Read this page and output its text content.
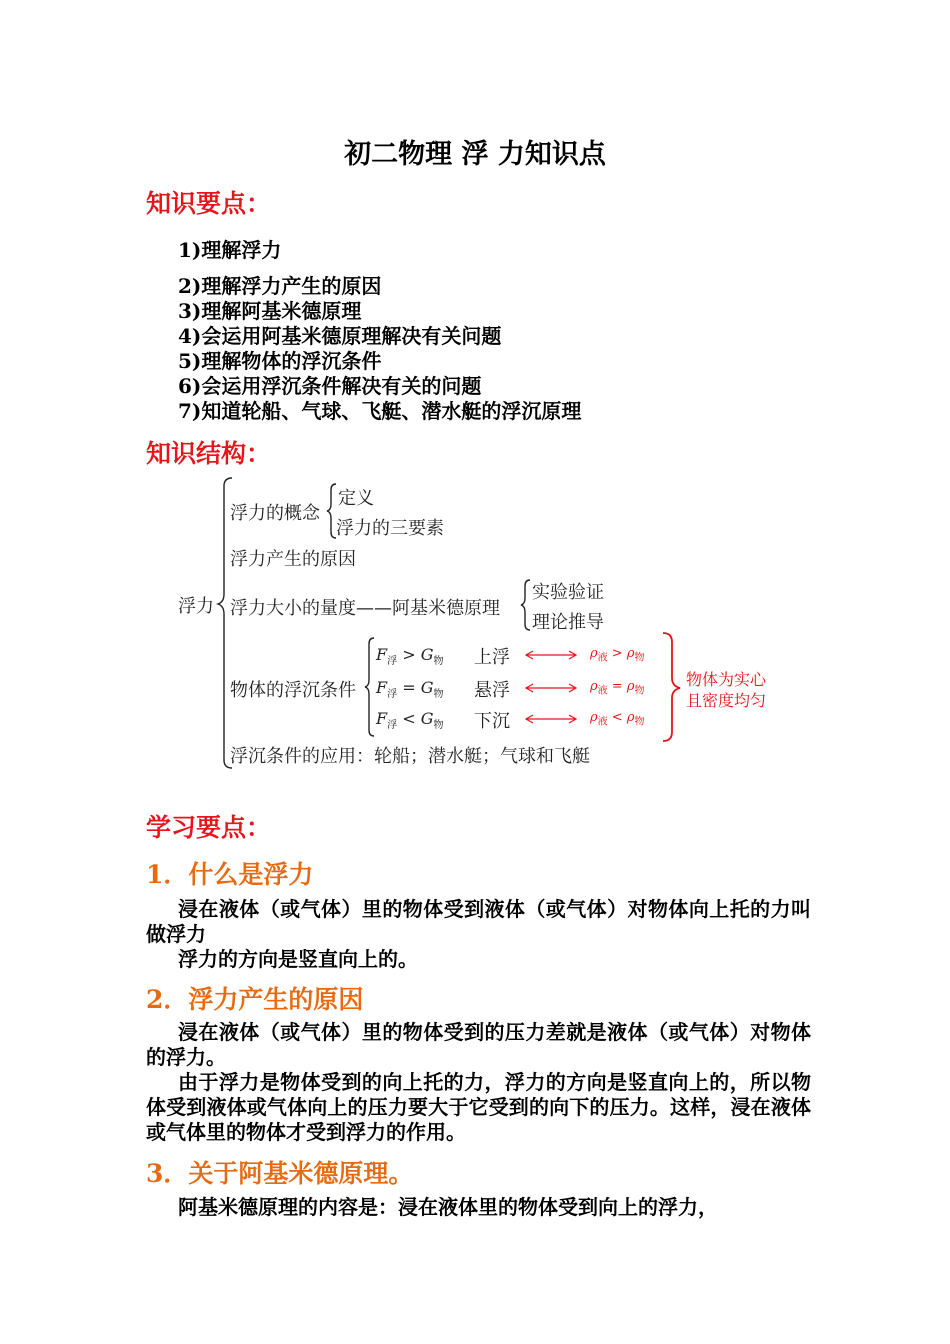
初二物理 浮 力知识点
知识要点：
1)理解浮力
2)理解浮力产生的原因
3)理解阿基米德原理
4)会运用阿基米德原理解决有关问题
5)理解物体的浮沉条件
6)会运用浮沉条件解决有关的问题
7)知道轮船、气球、飞艇、潜水艇的浮沉原理
知识结构：
浮力
浮力的概念
定义
浮力的三要素
浮力产生的原因
浮力大小的量度——阿基米德原理
实验验证
理论推导
物体的浮沉条件
$F_浮 > G_物$
$F_浮 = G_物$
$F_浮 < G_物$
上浮
悬浮
下沉
$\rho_液 > \rho_物$
$\rho_液 = \rho_物$
$\rho_液 < \rho_物$
物体为实心
且密度均匀
浮沉条件的应用：轮船；潜水艇；气球和飞艇
学习要点：
1．什么是浮力

浸在液体（或气体）里的物体受到液体（或气体）对物体向上托的力叫做浮力

浮力的方向是竖直向上的。

2．浮力产生的原因

浸在液体（或气体）里的物体受到的压力差就是液体（或气体）对物体的浮力。

由于浮力是物体受到的向上托的力，浮力的方向是竖直向上的，所以物体受到液体或气体向上的压力要大于它受到的向下的压力。这样，浸在液体或气体里的物体才受到浮力的作用。

3．关于阿基米德原理。

阿基米德原理的内容是：浸在液体里的物体受到向上的浮力，
